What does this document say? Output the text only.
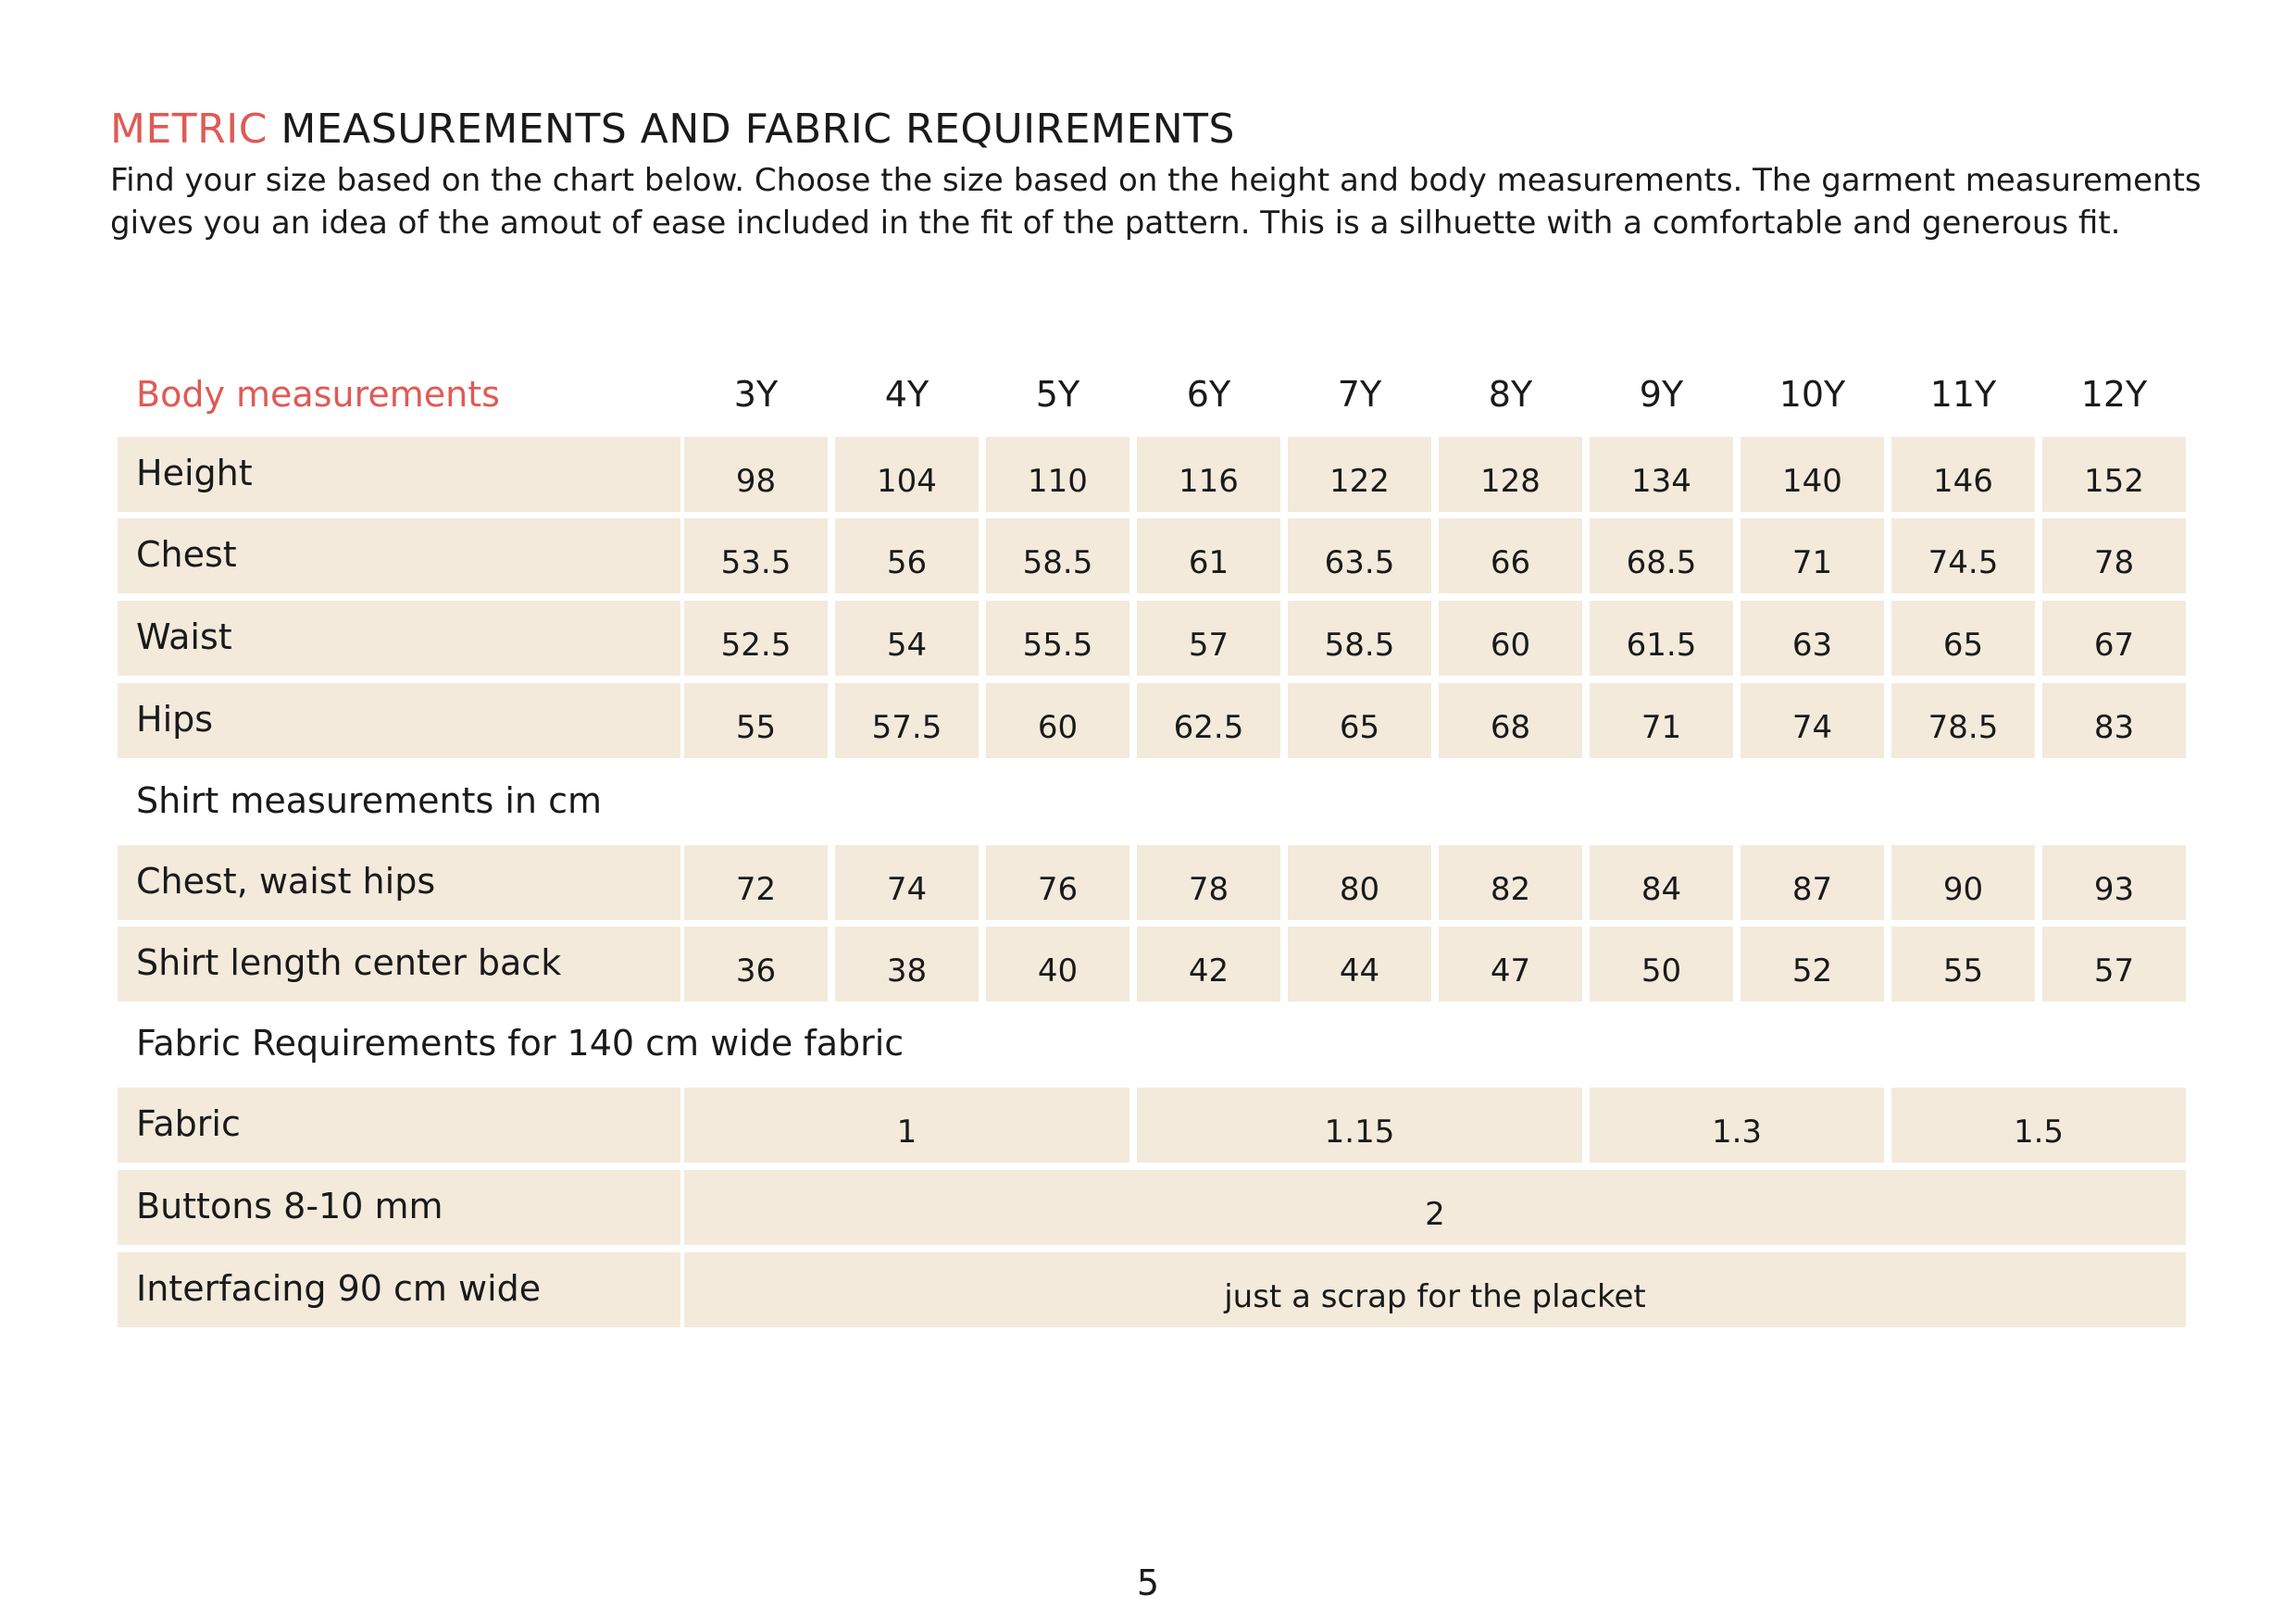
METRIC MEASUREMENTS AND FABRIC REQUIREMENTS

Find your size based on the chart below. Choose the size based on the height and body measurements. The garment measurements
gives you an idea of the amout of ease included in the fit of the pattern. This is a silhuette with a comfortable and generous fit.

Body measurements	3Y	4Y	5Y	6Y	7Y	8Y	9Y	10Y	11Y	12Y
Height	98	104	110	116	122	128	134	140	146	152
Chest	53.5	56	58.5	61	63.5	66	68.5	71	74.5	78
Waist	52.5	54	55.5	57	58.5	60	61.5	63	65	67
Hips	55	57.5	60	62.5	65	68	71	74	78.5	83
Shirt measurements in cm
Chest, waist hips	72	74	76	78	80	82	84	87	90	93
Shirt length center back	36	38	40	42	44	47	50	52	55	57
Fabric Requirements for 140 cm wide fabric
Fabric	1	1.15	1.3	1.5
Buttons 8-10 mm	2
Interfacing 90 cm wide	just a scrap for the placket
5
